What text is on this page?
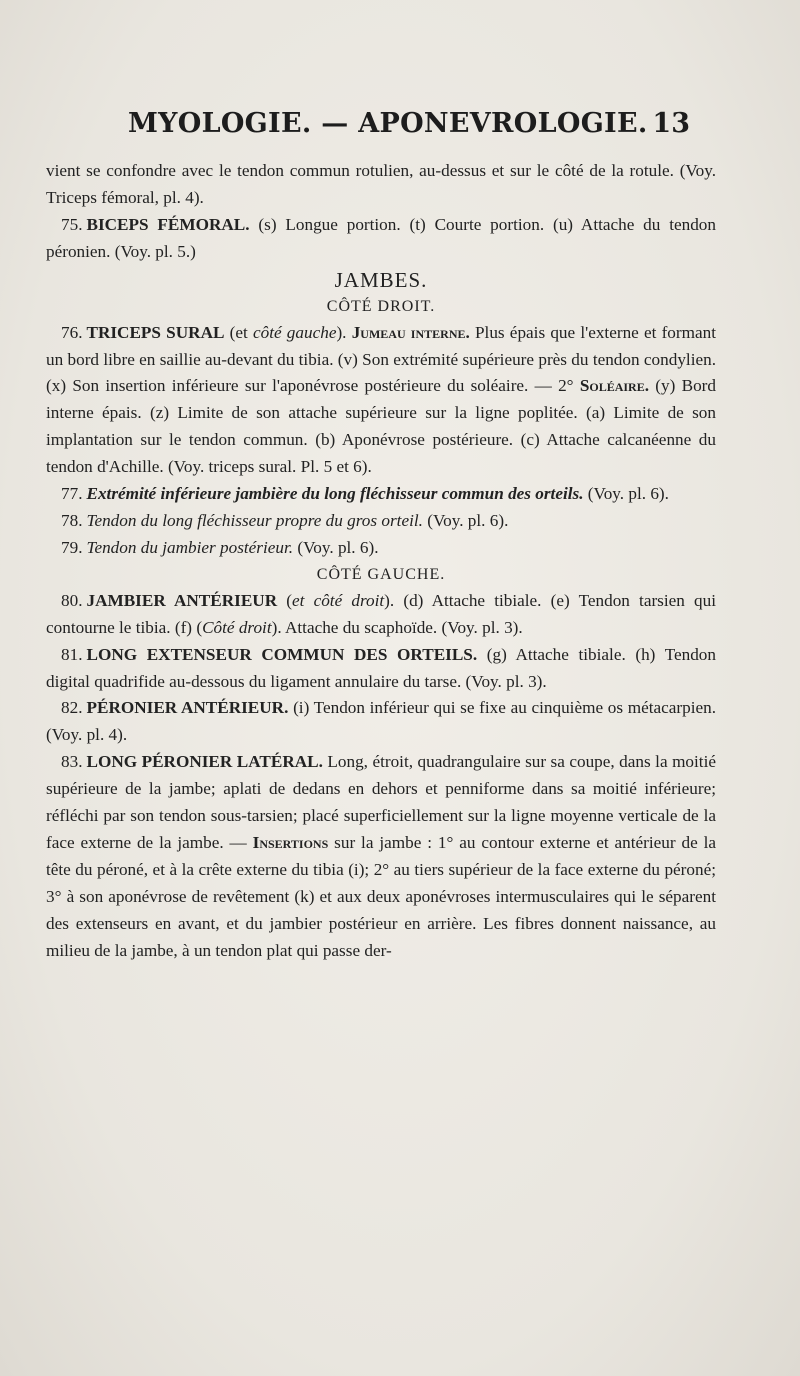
MYOLOGIE. — APONEVROLOGIE. 13

vient se confondre avec le tendon commun rotulien, au-dessus et sur le côté de la rotule. (Voy. Triceps fémoral, pl. 4).

75. BICEPS FÉMORAL. (s) Longue portion. (t) Courte portion. (u) Attache du tendon péronien. (Voy. pl. 5.)

JAMBES.

CÔTÉ DROIT.

76. TRICEPS SURAL (et côté gauche). Jumeau interne. Plus épais que l'externe et formant un bord libre en saillie au-devant du tibia. (v) Son extrémité supérieure près du tendon condylien. (x) Son insertion inférieure sur l'aponévrose postérieure du soléaire. — 2° Soléaire. (y) Bord interne épais. (z) Limite de son attache supérieure sur la ligne poplitée. (a) Limite de son implantation sur le tendon commun. (b) Aponévrose postérieure. (c) Attache calcanéenne du tendon d'Achille. (Voy. triceps sural. Pl. 5 et 6).

77. Extrémité inférieure jambière du long fléchisseur commun des orteils. (Voy. pl. 6).

78. Tendon du long fléchisseur propre du gros orteil. (Voy. pl. 6).

79. Tendon du jambier postérieur. (Voy. pl. 6).

CÔTÉ GAUCHE.

80. JAMBIER ANTÉRIEUR (et côté droit). (d) Attache tibiale. (e) Tendon tarsien qui contourne le tibia. (f) (Côté droit). Attache du scaphoïde. (Voy. pl. 3).

81. LONG EXTENSEUR COMMUN DES ORTEILS. (g) Attache tibiale. (h) Tendon digital quadrifide au-dessous du ligament annulaire du tarse. (Voy. pl. 3).

82. PÉRONIER ANTÉRIEUR. (i) Tendon inférieur qui se fixe au cinquième os métacarpien. (Voy. pl. 4).

83. LONG PÉRONIER LATÉRAL. Long, étroit, quadrangulaire sur sa coupe, dans la moitié supérieure de la jambe; aplati de dedans en dehors et penniforme dans sa moitié inférieure; réfléchi par son tendon sous-tarsien; placé superficiellement sur la ligne moyenne verticale de la face externe de la jambe. — Insertions sur la jambe : 1° au contour externe et antérieur de la tête du péroné, et à la crête externe du tibia (i); 2° au tiers supérieur de la face externe du péroné; 3° à son aponévrose de revêtement (k) et aux deux aponévroses intermusculaires qui le séparent des extenseurs en avant, et du jambier postérieur en arrière. Les fibres donnent naissance, au milieu de la jambe, à un tendon plat qui passe der-
